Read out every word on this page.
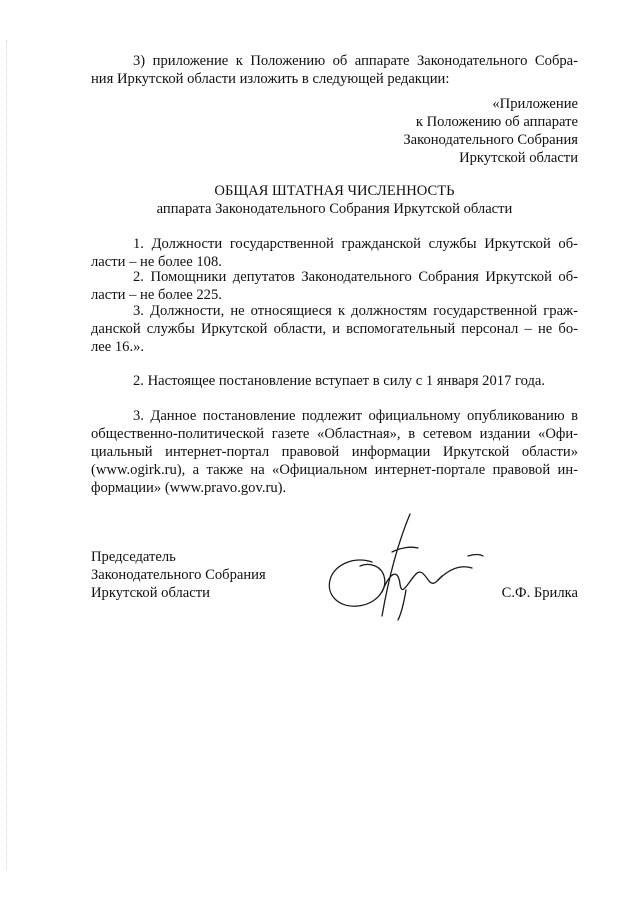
3) приложение к Положению об аппарате Законодательного Собра-
ния Иркутской области изложить в следующей редакции:
«Приложение
к Положению об аппарате
Законодательного Собрания
Иркутской области
ОБЩАЯ ШТАТНАЯ ЧИСЛЕННОСТЬ
аппарата Законодательного Собрания Иркутской области
1. Должности государственной гражданской службы Иркутской об-
ласти – не более 108.
2. Помощники депутатов Законодательного Собрания Иркутской об-
ласти – не более 225.
3. Должности, не относящиеся к должностям государственной граж-
данской службы Иркутской области, и вспомогательный персонал – не бо-
лее 16.».
2. Настоящее постановление вступает в силу с 1 января 2017 года.
3. Данное постановление подлежит официальному опубликованию в
общественно-политической газете «Областная», в сетевом издании «Офи-
циальный интернет-портал правовой информации Иркутской области»
(www.ogirk.ru), а также на «Официальном интернет-портале правовой ин-
формации» (www.pravo.gov.ru).
Председатель
Законодательного Собрания
Иркутской области	С.Ф. Брилка
